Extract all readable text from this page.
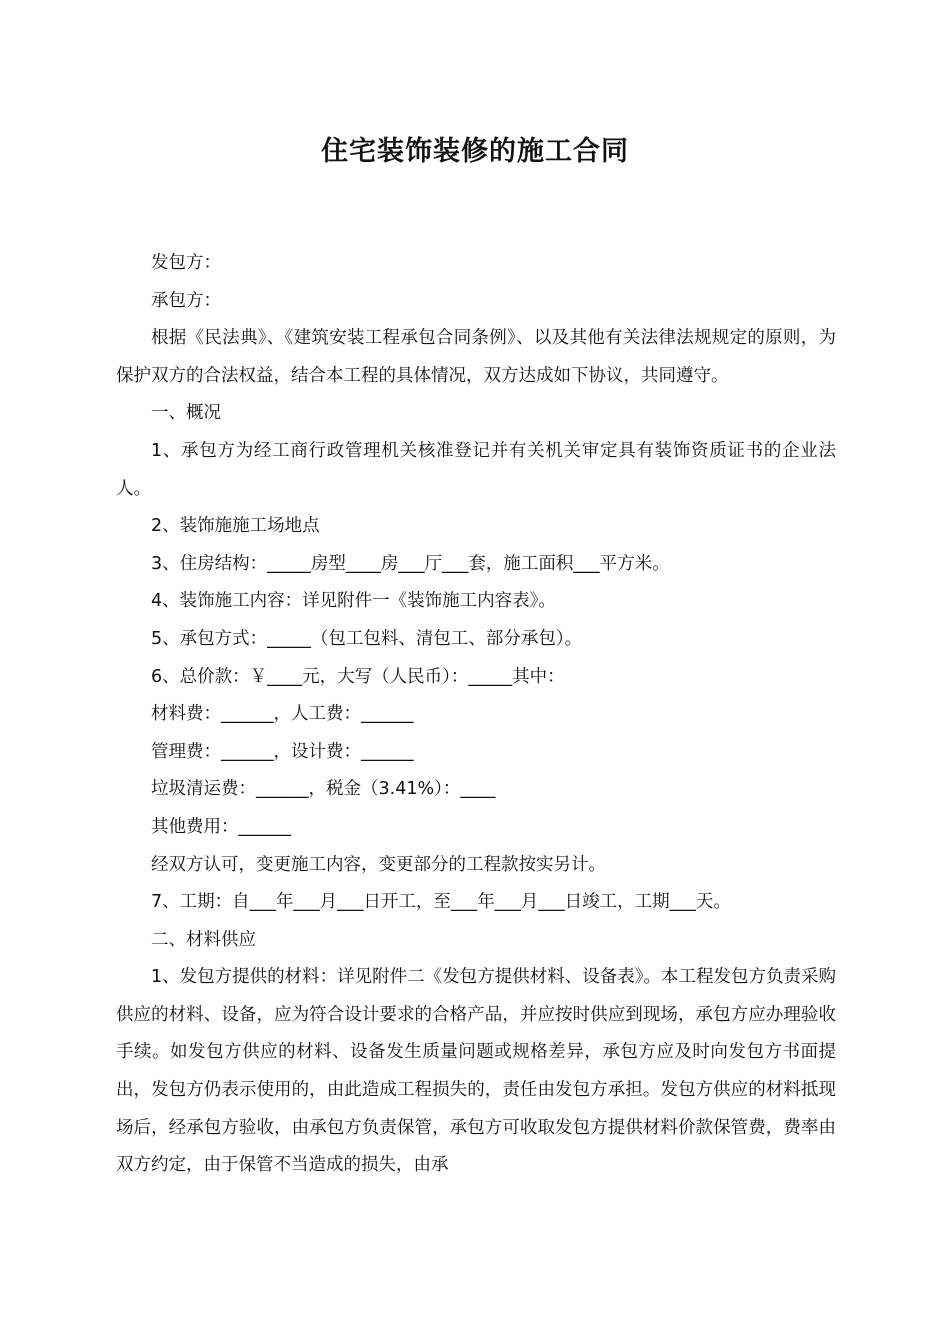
住宅装饰装修的施工合同

发包方：

承包方：

根据《民法典》、《建筑安装工程承包合同条例》、以及其他有关法律法规规定的原则，为保护双方的合法权益，结合本工程的具体情况，双方达成如下协议，共同遵守。

一、概况

1、承包方为经工商行政管理机关核准登记并有关机关审定具有装饰资质证书的企业法人。

2、装饰施施工场地点

3、住房结构：_____房型____房___厅___套，施工面积___平方米。

4、装饰施工内容：详见附件一《装饰施工内容表》。

5、承包方式：_____（包工包料、清包工、部分承包）。

6、总价款：￥____元，大写（人民币）：_____其中：

材料费：______，人工费：______

管理费：______，设计费：______

垃圾清运费：______，税金（3.41%）：____

其他费用：______

经双方认可，变更施工内容，变更部分的工程款按实另计。

7、工期：自___年___月___日开工，至___年___月___日竣工，工期___天。

二、材料供应

1、发包方提供的材料：详见附件二《发包方提供材料、设备表》。本工程发包方负责采购供应的材料、设备，应为符合设计要求的合格产品，并应按时供应到现场，承包方应办理验收手续。如发包方供应的材料、设备发生质量问题或规格差异，承包方应及时向发包方书面提出，发包方仍表示使用的，由此造成工程损失的，责任由发包方承担。发包方供应的材料抵现场后，经承包方验收，由承包方负责保管，承包方可收取发包方提供材料价款保管费，费率由双方约定，由于保管不当造成的损失，由承
